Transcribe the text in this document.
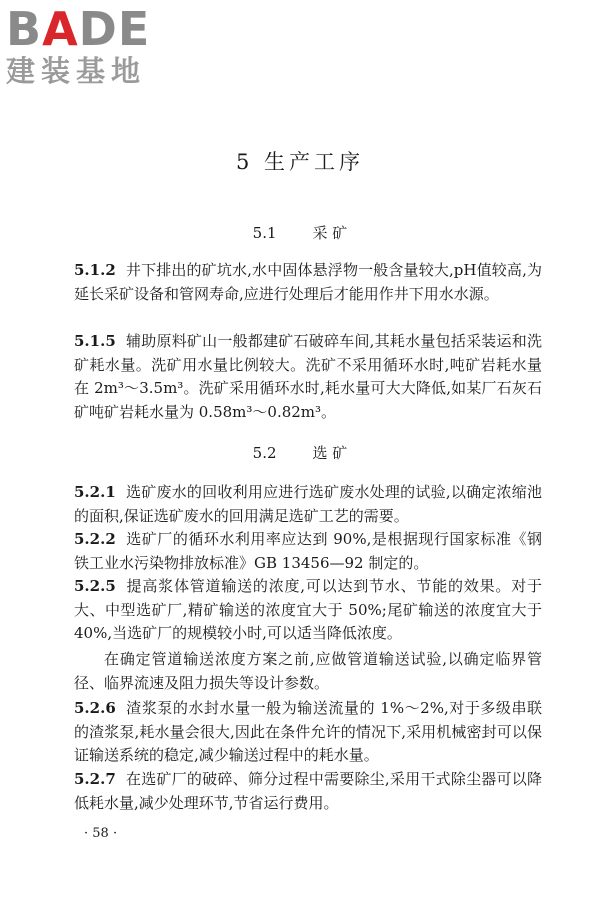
BADE
建装基地
5 生产工序
5.1 采 矿
5.1.2 井下排出的矿坑水,水中固体悬浮物一般含量较大,pH值较高,为延长采矿设备和管网寿命,应进行处理后才能用作井下用水水源。
5.1.5 辅助原料矿山一般都建矿石破碎车间,其耗水量包括采装运和洗矿耗水量。洗矿用水量比例较大。洗矿不采用循环水时,吨矿岩耗水量在 2m³～3.5m³。洗矿采用循环水时,耗水量可大大降低,如某厂石灰石矿吨矿岩耗水量为 0.58m³～0.82m³。
5.2 选 矿
5.2.1 选矿废水的回收利用应进行选矿废水处理的试验,以确定浓缩池的面积,保证选矿废水的回用满足选矿工艺的需要。
5.2.2 选矿厂的循环水利用率应达到 90%,是根据现行国家标准《钢铁工业水污染物排放标准》GB 13456—92 制定的。
5.2.5 提高浆体管道输送的浓度,可以达到节水、节能的效果。对于大、中型选矿厂,精矿输送的浓度宜大于 50%;尾矿输送的浓度宜大于 40%,当选矿厂的规模较小时,可以适当降低浓度。
在确定管道输送浓度方案之前,应做管道输送试验,以确定临界管径、临界流速及阻力损失等设计参数。
5.2.6 渣浆泵的水封水量一般为输送流量的 1%～2%,对于多级串联的渣浆泵,耗水量会很大,因此在条件允许的情况下,采用机械密封可以保证输送系统的稳定,减少输送过程中的耗水量。
5.2.7 在选矿厂的破碎、筛分过程中需要除尘,采用干式除尘器可以降低耗水量,减少处理环节,节省运行费用。
· 58 ·
